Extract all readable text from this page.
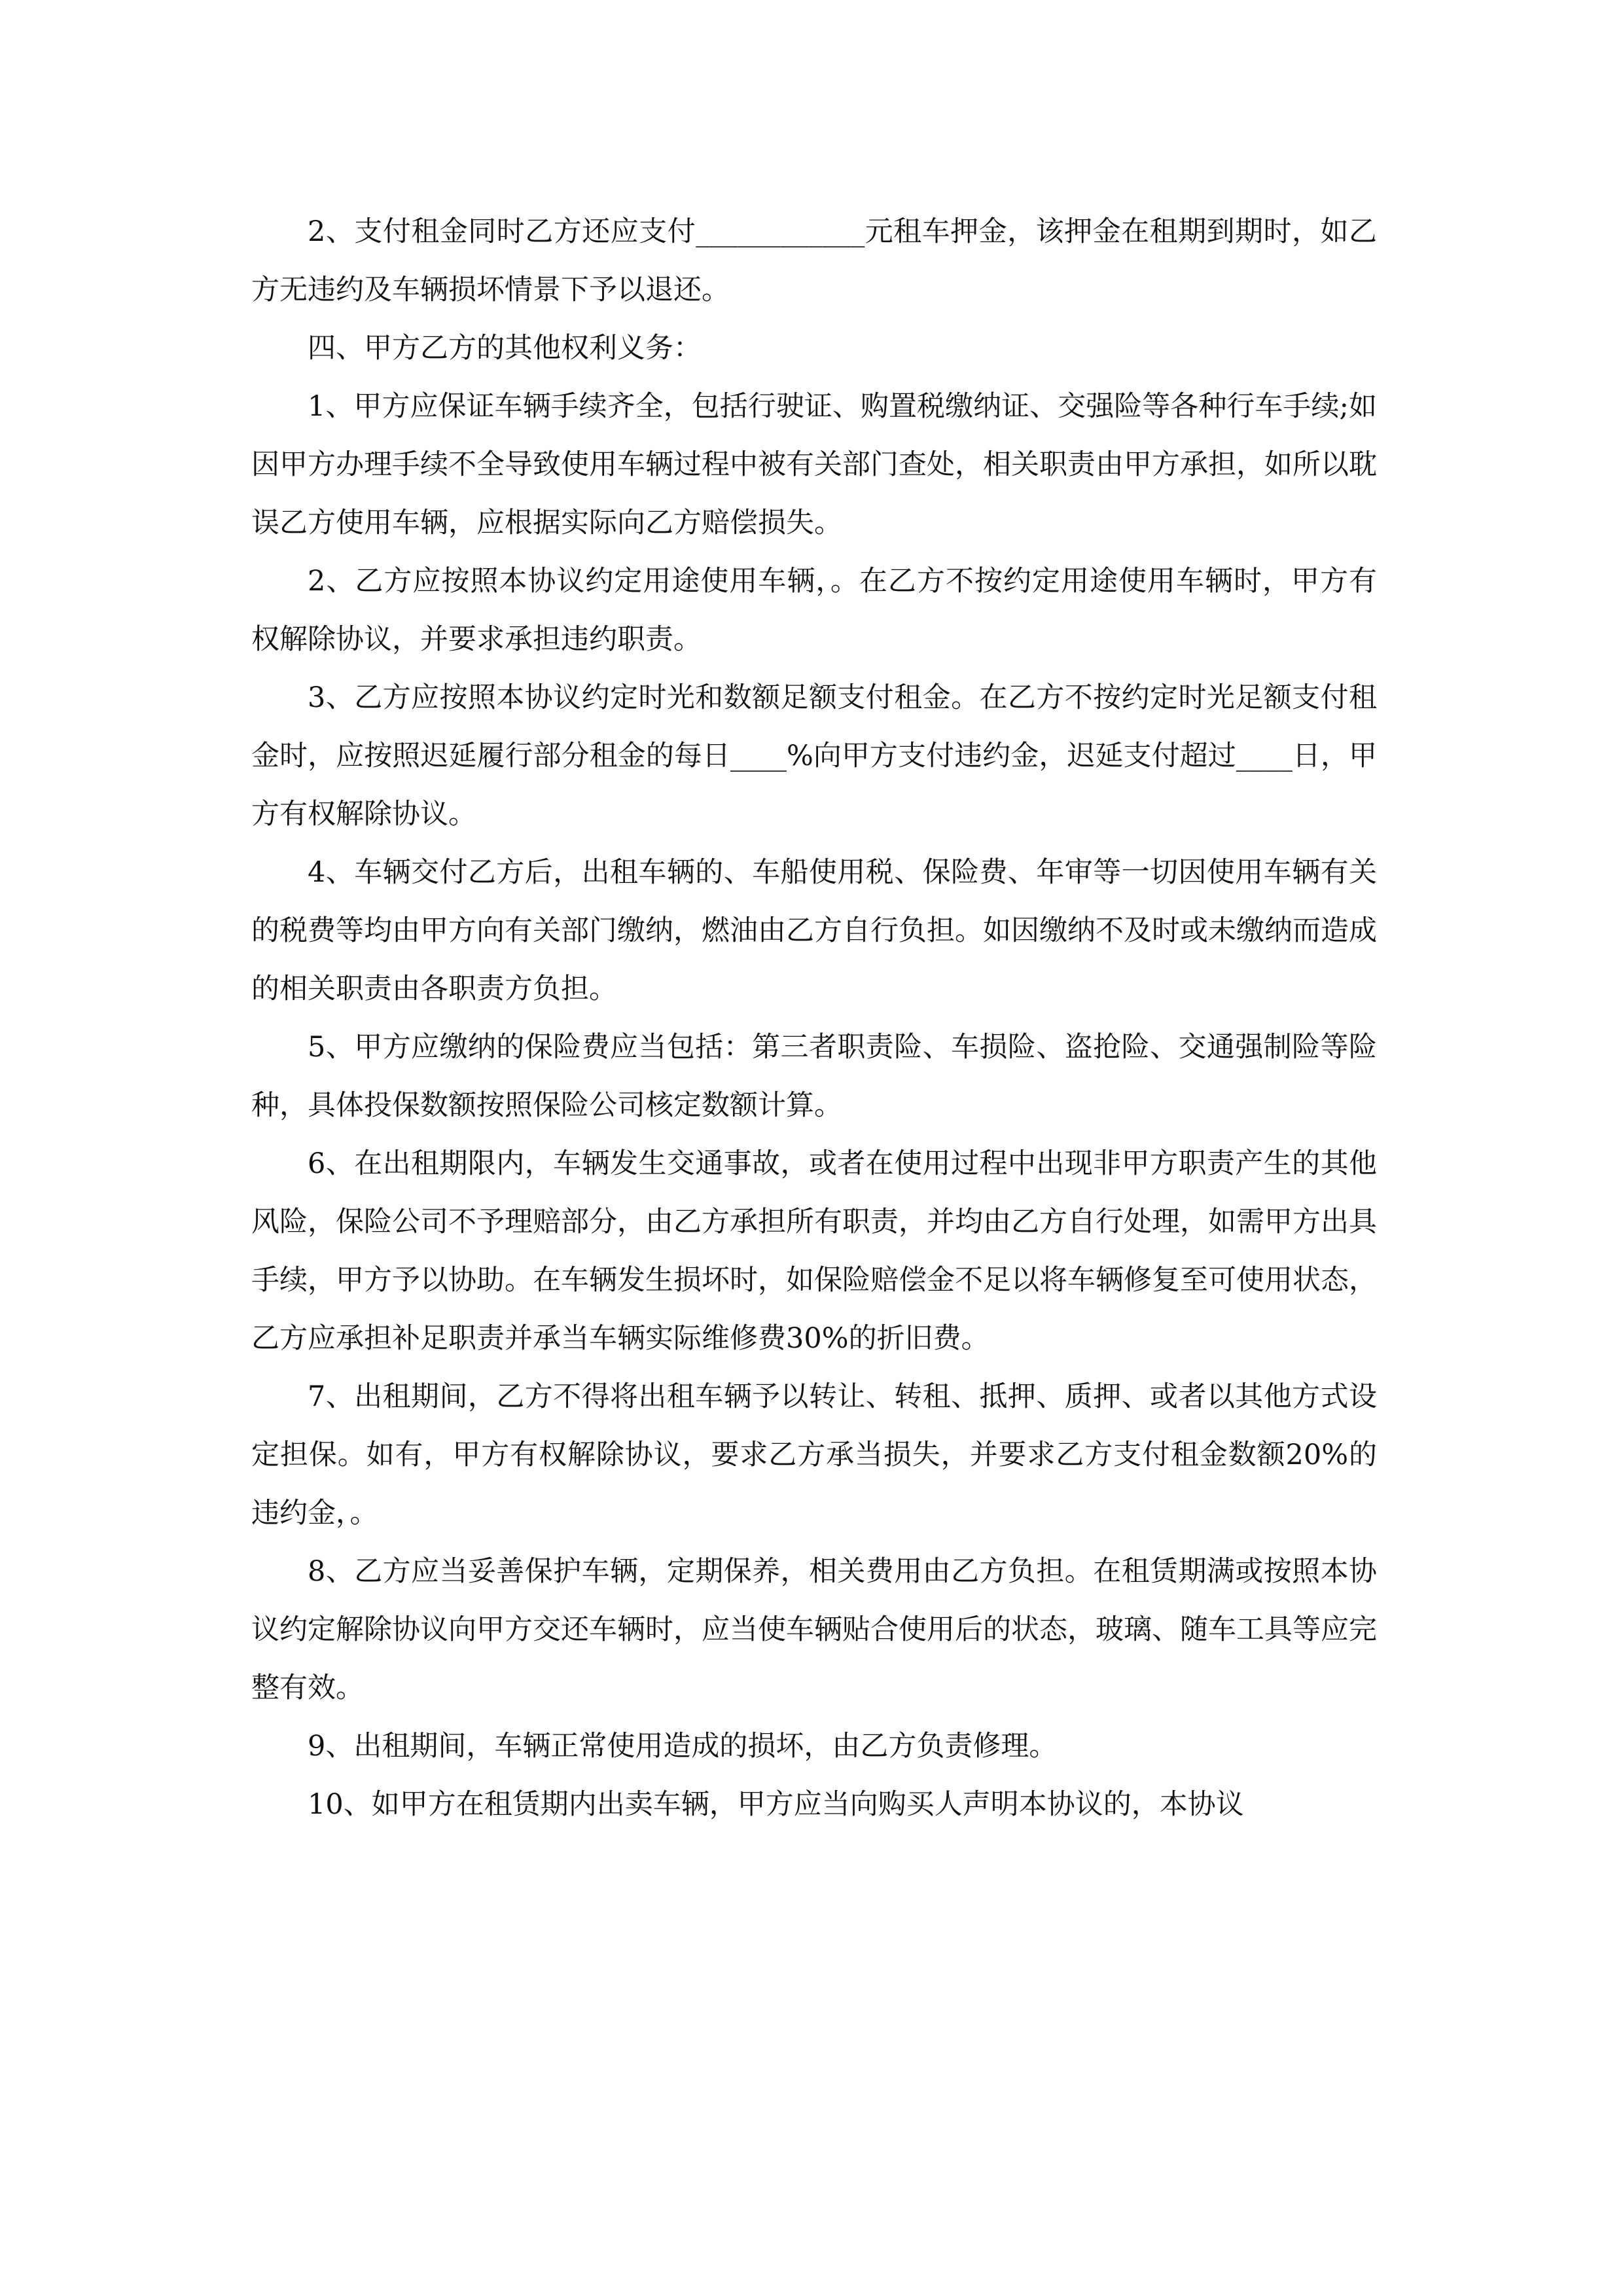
2、支付租金同时乙方还应支付____________元租车押金，该押金在租期到期时，如乙方无违约及车辆损坏情景下予以退还。

四、甲方乙方的其他权利义务：

1、甲方应保证车辆手续齐全，包括行驶证、购置税缴纳证、交强险等各种行车手续;如因甲方办理手续不全导致使用车辆过程中被有关部门查处，相关职责由甲方承担，如所以耽误乙方使用车辆，应根据实际向乙方赔偿损失。

2、乙方应按照本协议约定用途使用车辆，。在乙方不按约定用途使用车辆时，甲方有权解除协议，并要求承担违约职责。

3、乙方应按照本协议约定时光和数额足额支付租金。在乙方不按约定时光足额支付租金时，应按照迟延履行部分租金的每日____%向甲方支付违约金，迟延支付超过____日，甲方有权解除协议。

4、车辆交付乙方后，出租车辆的、车船使用税、保险费、年审等一切因使用车辆有关的税费等均由甲方向有关部门缴纳，燃油由乙方自行负担。如因缴纳不及时或未缴纳而造成的相关职责由各职责方负担。

5、甲方应缴纳的保险费应当包括：第三者职责险、车损险、盗抢险、交通强制险等险种，具体投保数额按照保险公司核定数额计算。

6、在出租期限内，车辆发生交通事故，或者在使用过程中出现非甲方职责产生的其他风险，保险公司不予理赔部分，由乙方承担所有职责，并均由乙方自行处理，如需甲方出具手续，甲方予以协助。在车辆发生损坏时，如保险赔偿金不足以将车辆修复至可使用状态，乙方应承担补足职责并承当车辆实际维修费30%的折旧费。

7、出租期间，乙方不得将出租车辆予以转让、转租、抵押、质押、或者以其他方式设定担保。如有，甲方有权解除协议，要求乙方承当损失，并要求乙方支付租金数额20%的违约金，。

8、乙方应当妥善保护车辆，定期保养，相关费用由乙方负担。在租赁期满或按照本协议约定解除协议向甲方交还车辆时，应当使车辆贴合使用后的状态，玻璃、随车工具等应完整有效。

9、出租期间，车辆正常使用造成的损坏，由乙方负责修理。

10、如甲方在租赁期内出卖车辆，甲方应当向购买人声明本协议的，本协议
